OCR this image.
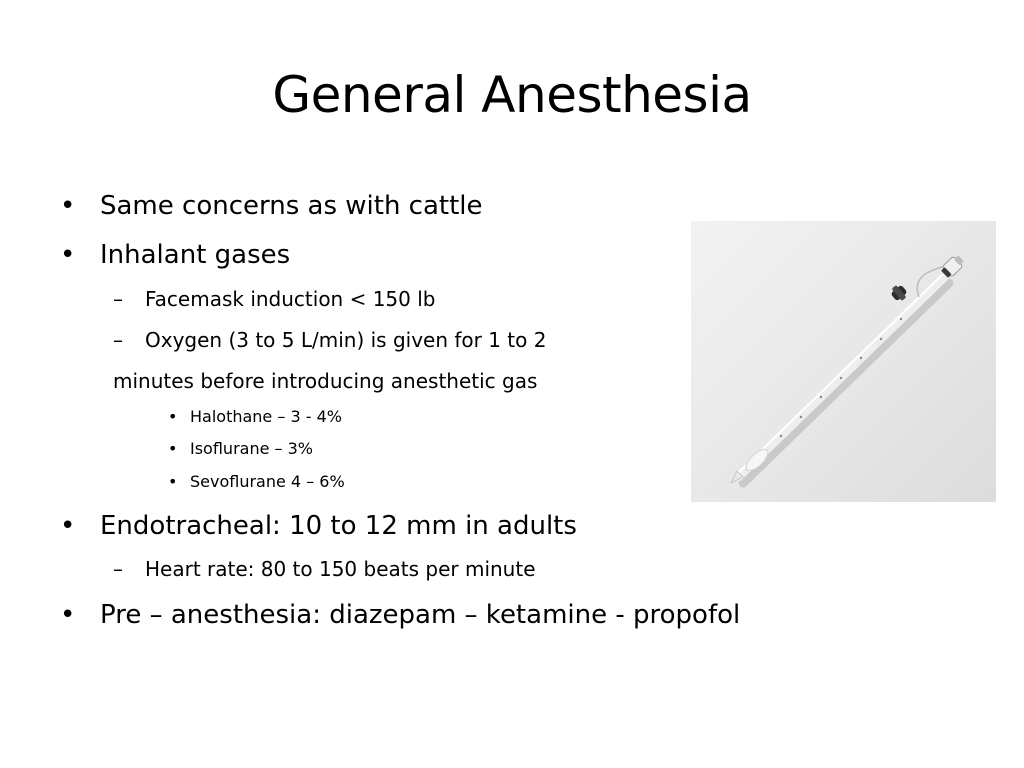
General Anesthesia
• Same concerns as with cattle
• Inhalant gases
– Facemask induction < 150 lb
– Oxygen (3 to 5 L/min) is given for 1 to 2
minutes before introducing anesthetic gas
• Halothane – 3 - 4%
• Isoflurane – 3%
• Sevoflurane 4 – 6%
• Endotracheal: 10 to 12 mm in adults
– Heart rate: 80 to 150 beats per minute
• Pre – anesthesia: diazepam – ketamine - propofol
